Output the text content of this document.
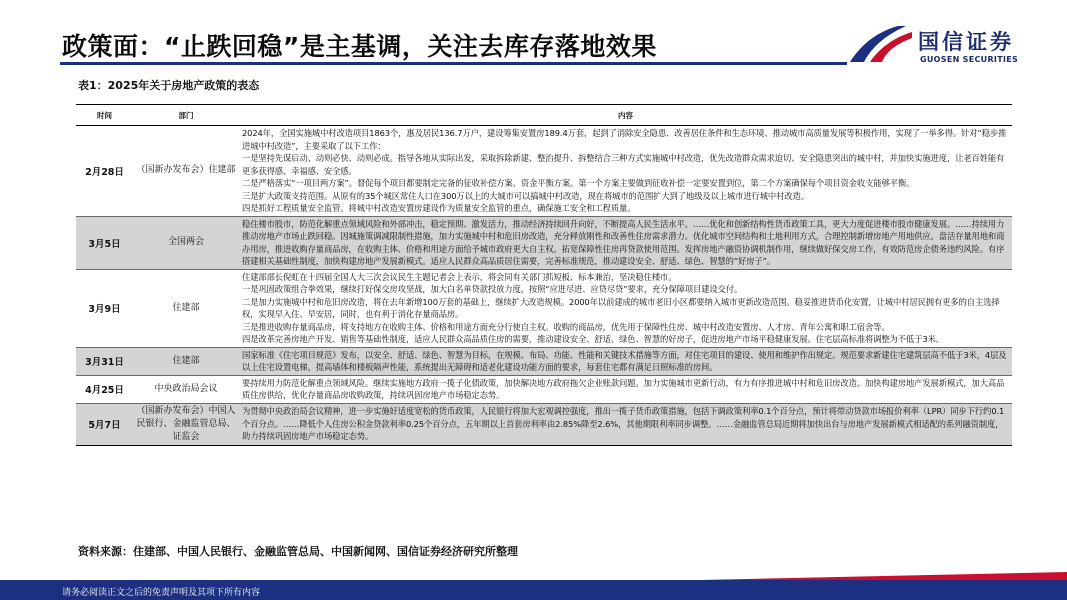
政策面：“止跌回稳”是主基调，关注去库存落地效果	国信证券
GUOSEN SECURITIES
表1：2025年关于房地产政策的表态
时间	部门	内容
2月28日	（国新办发布会）住建部	2024年，全国实施城中村改造项目1863个，惠及居民136.7万户，建设筹集安置房189.4万套，起到了消除安全隐患、改善居住条件和生态环境、推动城市高质量发展等积极作用，实现了一举多得。针对“稳步推进城中村改造”，主要采取了以下工作：
一是坚持先谋后动、动则必快、动则必成。指导各地从实际出发，采取拆除新建、整治提升、拆整结合三种方式实施城中村改造，优先改造群众需求迫切、安全隐患突出的城中村，并加快实施进度，让老百姓能有更多获得感、幸福感、安全感。
二是严格落实“一项目两方案”。督促每个项目都要制定完备的征收补偿方案、资金平衡方案。第一个方案主要做到征收补偿一定要安置到位，第二个方案确保每个项目资金收支能够平衡。
三是扩大政策支持范围。从原有的35个城区常住人口在300万以上的大城市可以搞城中村改造，现在将城市的范围扩大到了地级及以上城市进行城中村改造。
四是抓好工程质量安全监管。将城中村改造安置房建设作为质量安全监管的重点，确保施工安全和工程质量。
3月5日	全国两会	稳住楼市股市，防范化解重点领域风险和外部冲击，稳定预期、激发活力，推动经济持续回升向好，不断提高人民生活水平。……优化和创新结构性货币政策工具，更大力度促进楼市股市健康发展。……持续用力推动房地产市场止跌回稳。因城施策调减限制性措施，加力实施城中村和危旧房改造，充分释放刚性和改善性住房需求潜力。优化城市空间结构和土地利用方式，合理控制新增房地产用地供应。盘活存量用地和商办用房，推进收购存量商品房，在收购主体、价格和用途方面给予城市政府更大自主权。拓宽保障性住房再贷款使用范围。发挥房地产融资协调机制作用，继续做好保交房工作，有效防范房企债务违约风险。有序搭建相关基础性制度，加快构建房地产发展新模式。适应人民群众高品质居住需要，完善标准规范，推动建设安全、舒适、绿色、智慧的“好房子”。
3月9日	住建部	住建部部长倪虹在十四届全国人大三次会议民生主题记者会上表示，将会同有关部门抓短板、标本兼治，坚决稳住楼市。
一是巩固政策组合拳效果，继续打好保交房攻坚战，加大白名单贷款投放力度，按照“应进尽进、应贷尽贷”要求，充分保障项目建设交付。
二是加力实施城中村和危旧房改造，将在去年新增100万套的基础上，继续扩大改造规模。2000年以前建成的城市老旧小区都要纳入城市更新改造范围。稳妥推进货币化安置，让城中村居民拥有更多的自主选择权，实现早入住、早安居，同时，也有利于消化存量商品房。
三是推进收购存量商品房，将支持地方在收购主体、价格和用途方面充分行使自主权。收购的商品房，优先用于保障性住房、城中村改造安置房、人才房、青年公寓和职工宿舍等。
四是改革完善房地产开发、销售等基础性制度，适应人民群众高品质住房的需要，推动建设安全、舒适、绿色、智慧的好房子，促进房地产市场平稳健康发展。住宅层高标准将调整为不低于3米。
3月31日	住建部	国家标准《住宅项目规范》发布，以安全、舒适、绿色、智慧为目标，在规模、布局、功能、性能和关键技术措施等方面，对住宅项目的建设、使用和维护作出规定。规范要求新建住宅建筑层高不低于3米，4层及以上住宅设置电梯，提高墙体和楼板隔声性能，系统提出无障碍和适老化建设功能方面的要求，每套住宅都有满足日照标准的房间。
4月25日	中央政治局会议	要持续用力防范化解重点领域风险。继续实施地方政府一揽子化债政策，加快解决地方政府拖欠企业账款问题。加力实施城市更新行动，有力有序推进城中村和危旧房改造。加快构建房地产发展新模式，加大高品质住房供给，优化存量商品房收购政策，持续巩固房地产市场稳定态势。
5月7日	（国新办发布会）中国人民银行、金融监管总局、证监会	为贯彻中央政治局会议精神，进一步实施好适度宽松的货币政策，人民银行将加大宏观调控强度，推出一揽子货币政策措施，包括下调政策利率0.1个百分点，预计将带动贷款市场报价利率（LPR）同步下行约0.1个百分点。……降低个人住房公积金贷款利率0.25个百分点，五年期以上首套房利率由2.85%降至2.6%，其他期限利率同步调整。……金融监管总局近期将加快出台与房地产发展新模式相适配的系列融资制度，助力持续巩固房地产市场稳定态势。
资料来源：住建部、中国人民银行、金融监管总局、中国新闻网、国信证券经济研究所整理
请务必阅读正文之后的免责声明及其项下所有内容
